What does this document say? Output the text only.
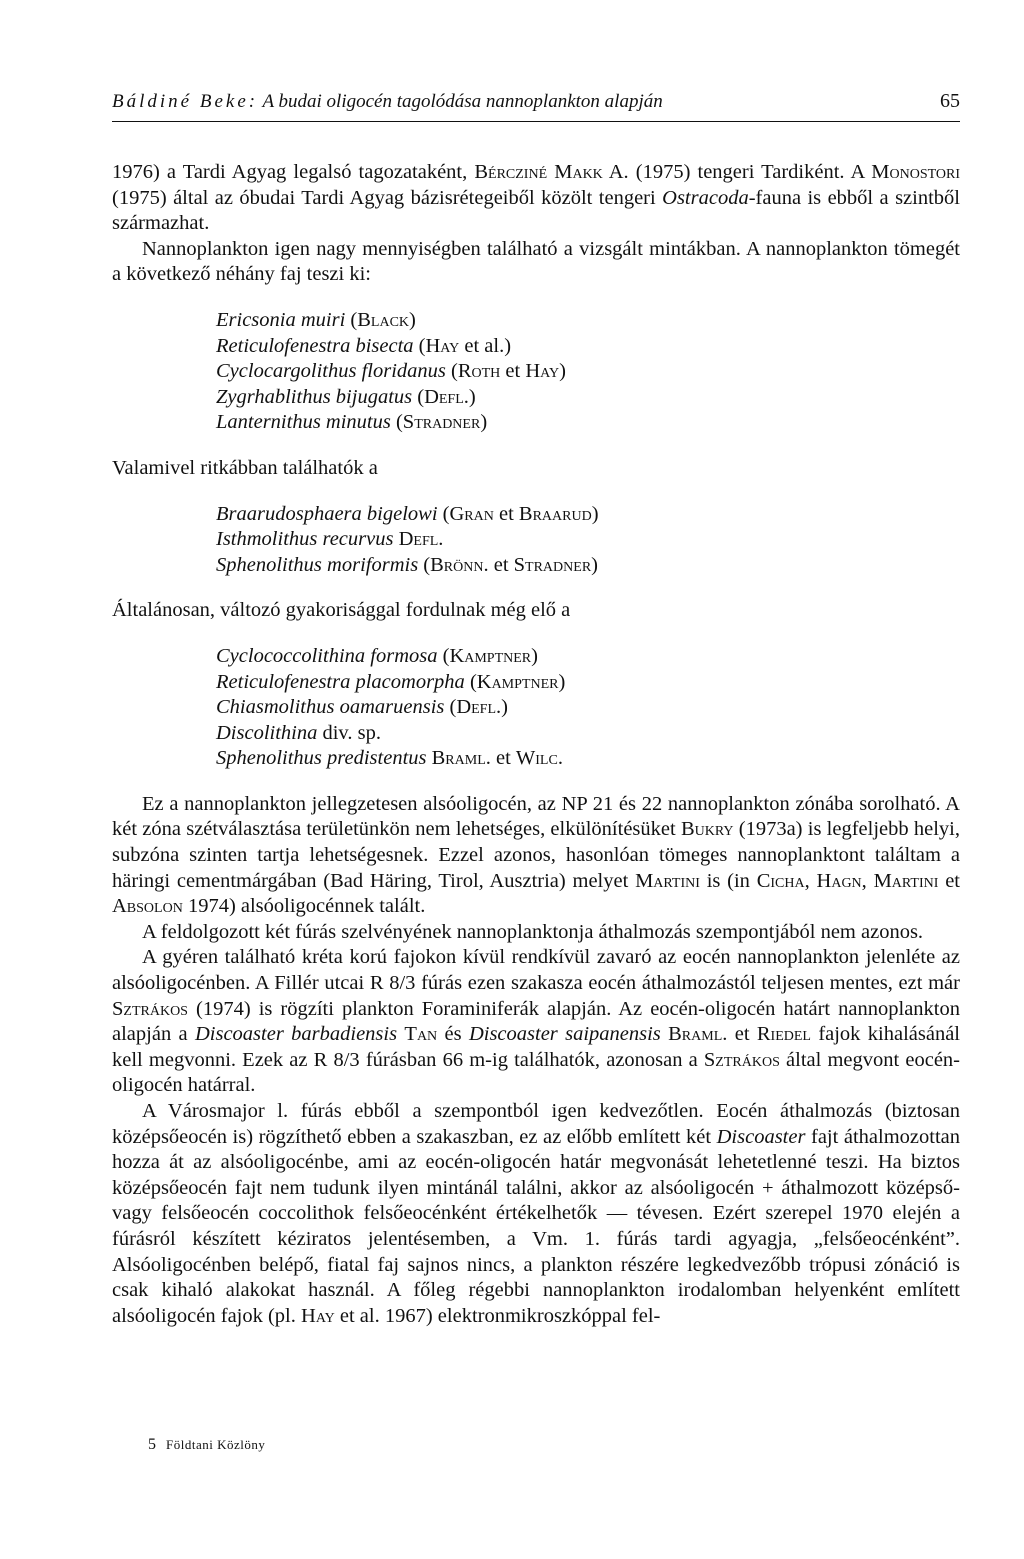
Báldiné Beke: A budai oligocén tagolódása nannoplankton alapján	65

1976) a Tardi Agyag legalsó tagozataként, Bércziné Makk A. (1975) tengeri Tardiként. A Monostori (1975) által az óbudai Tardi Agyag bázisrétegeiből közölt tengeri Ostracoda-fauna is ebből a szintből származhat.

Nannoplankton igen nagy mennyiségben található a vizsgált mintákban. A nannoplankton tömegét a következő néhány faj teszi ki:

Ericsonia muiri (Black)
Reticulofenestra bisecta (Hay et al.)
Cyclocargolithus floridanus (Roth et Hay)
Zygrhablithus bijugatus (Defl.)
Lanternithus minutus (Stradner)

Valamivel ritkábban találhatók a

Braarudosphaera bigelowi (Gran et Braarud)
Isthmolithus recurvus Defl.
Sphenolithus moriformis (Brönn. et Stradner)

Általánosan, változó gyakorisággal fordulnak még elő a

Cyclococcolithina formosa (Kamptner)
Reticulofenestra placomorpha (Kamptner)
Chiasmolithus oamaruensis (Defl.)
Discolithina div. sp.
Sphenolithus predistentus Braml. et Wilc.

Ez a nannoplankton jellegzetesen alsóoligocén, az NP 21 és 22 nannoplankton zónába sorolható. A két zóna szétválasztása területünkön nem lehetséges, elkülönítésüket Bukry (1973a) is legfeljebb helyi, subzóna szinten tartja lehetségesnek. Ezzel azonos, hasonlóan tömeges nannoplanktont találtam a häringi cementmárgában (Bad Häring, Tirol, Ausztria) melyet Martini is (in Cicha, Hagn, Martini et Absolon 1974) alsóoligocénnek talált.

A feldolgozott két fúrás szelvényének nannoplanktonja áthalmozás szempontjából nem azonos.

A gyéren található kréta korú fajokon kívül rendkívül zavaró az eocén nannoplankton jelenléte az alsóoligocénben. A Fillér utcai R 8/3 fúrás ezen szakasza eocén áthalmozástól teljesen mentes, ezt már Sztrákos (1974) is rögzíti plankton Foraminiferák alapján. Az eocén-oligocén határt nannoplankton alapján a Discoaster barbadiensis Tan és Discoaster saipanensis Braml. et Riedel fajok kihalásánál kell megvonni. Ezek az R 8/3 fúrásban 66 m-ig találhatók, azonosan a Sztrákos által megvont eocén-oligocén határral.

A Városmajor l. fúrás ebből a szempontból igen kedvezőtlen. Eocén áthalmozás (biztosan középsőeocén is) rögzíthető ebben a szakaszban, ez az előbb említett két Discoaster fajt áthalmozottan hozza át az alsóoligocénbe, ami az eocén-oligocén határ megvonását lehetetlenné teszi. Ha biztos középsőeocén fajt nem tudunk ilyen mintánál találni, akkor az alsóoligocén + áthalmozott középső- vagy felsőeocén coccolithok felsőeocénként értékelhetők — tévesen. Ezért szerepel 1970 elején a fúrásról készített kéziratos jelentésemben, a Vm. 1. fúrás tardi agyagja, „felsőeocénként”. Alsóoligocénben belépő, fiatal faj sajnos nincs, a plankton részére legkedvezőbb trópusi zónáció is csak kihaló alakokat használ. A főleg régebbi nannoplankton irodalomban helyenként említett alsóoligocén fajok (pl. Hay et al. 1967) elektronmikroszkóppal fel-

5 Földtani Közlöny
